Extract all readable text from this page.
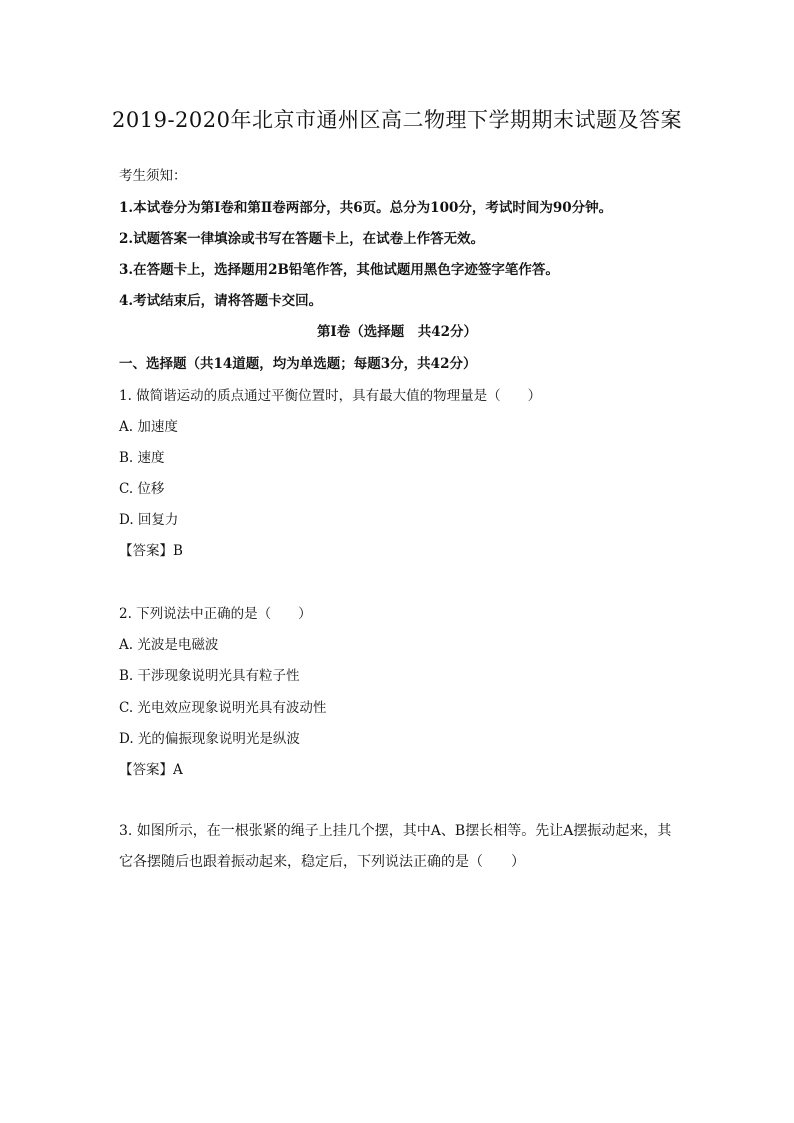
2019-2020年北京市通州区高二物理下学期期末试题及答案
考生须知：
1.本试卷分为第Ⅰ卷和第Ⅱ卷两部分，共6页。总分为100分，考试时间为90分钟。
2.试题答案一律填涂或书写在答题卡上，在试卷上作答无效。
3.在答题卡上，选择题用2B铅笔作答，其他试题用黑色字迹签字笔作答。
4.考试结束后，请将答题卡交回。
第Ⅰ卷（选择题　共42分）
一、选择题（共14道题，均为单选题；每题3分，共42分）
1. 做简谐运动的质点通过平衡位置时，具有最大值的物理量是（　　）
A. 加速度
B. 速度
C. 位移
D. 回复力
【答案】B
2. 下列说法中正确的是（　　）
A. 光波是电磁波
B. 干涉现象说明光具有粒子性
C. 光电效应现象说明光具有波动性
D. 光的偏振现象说明光是纵波
【答案】A
3. 如图所示，在一根张紧的绳子上挂几个摆，其中A、B摆长相等。先让A摆振动起来，其
它各摆随后也跟着振动起来，稳定后，下列说法正确的是（　　）
